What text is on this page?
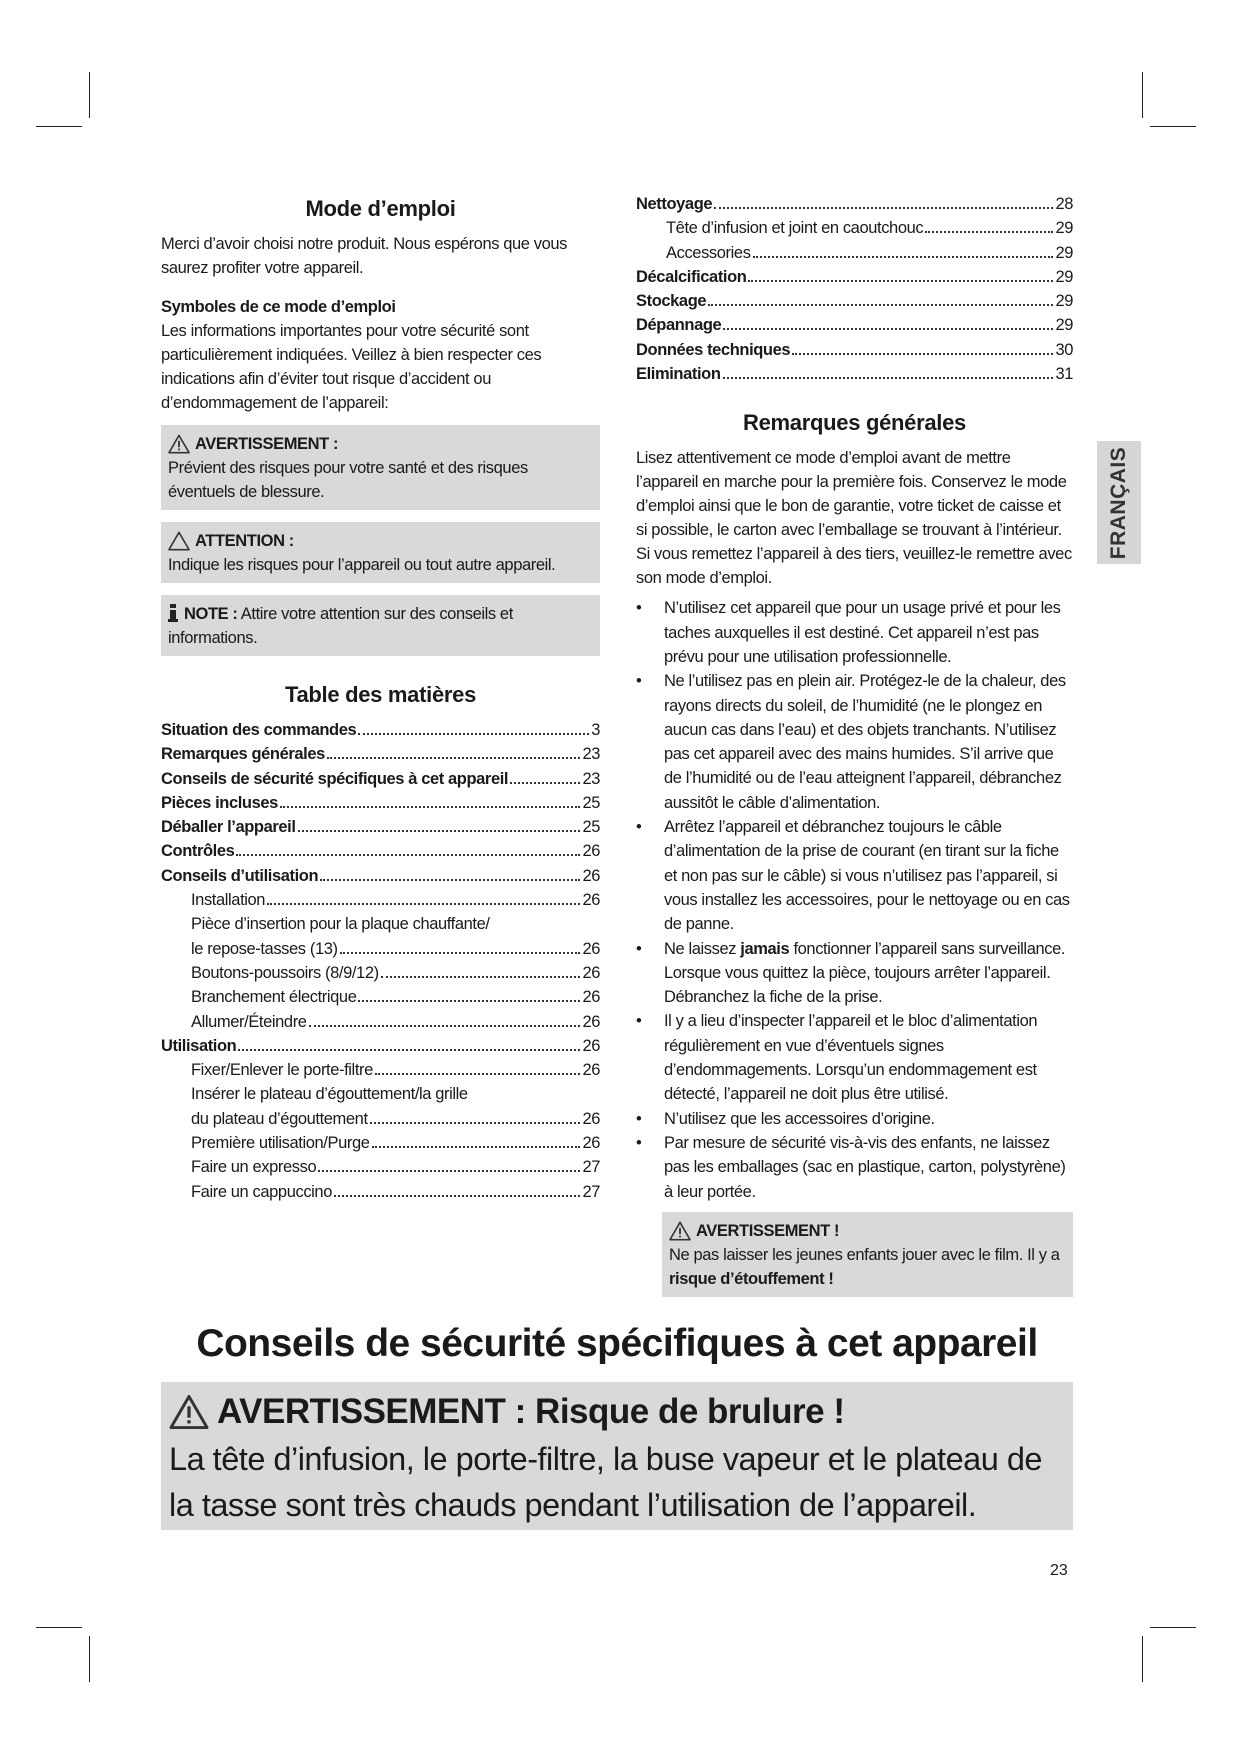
Mode d’emploi

Merci d’avoir choisi notre produit. Nous espérons que vous saurez profiter votre appareil.

Symboles de ce mode d’emploi

Les informations importantes pour votre sécurité sont particulièrement indiquées. Veillez à bien respecter ces indications afin d’éviter tout risque d’accident ou d’endommagement de l’appareil:

AVERTISSEMENT :
Prévient des risques pour votre santé et des risques éventuels de blessure.
ATTENTION :
Indique les risques pour l’appareil ou tout autre appareil.
NOTE : Attire votre attention sur des conseils et informations.
Table des matières
Situation des commandes	3
Remarques générales	23
Conseils de sécurité spécifiques à cet appareil	23
Pièces incluses	25
Déballer l’appareil	25
Contrôles	26
Conseils d’utilisation	26
Installation	26
Pièce d’insertion pour la plaque chauffante/
le repose-tasses (13)	26
Boutons-poussoirs (8/9/12)	26
Branchement électrique	26
Allumer/Éteindre	26
Utilisation	26
Fixer/Enlever le porte-filtre	26
Insérer le plateau d’égouttement/la grille
du plateau d’égouttement	26
Première utilisation/Purge	26
Faire un expresso	27
Faire un cappuccino	27
Nettoyage	28
Tête d’infusion et joint en caoutchouc	29
Accessories	29
Décalcification	29
Stockage	29
Dépannage	29
Données techniques	30
Elimination	31
Remarques générales

Lisez attentivement ce mode d’emploi avant de mettre l’appareil en marche pour la première fois. Conservez le mode d’emploi ainsi que le bon de garantie, votre ticket de caisse et si possible, le carton avec l’emballage se trouvant à l’intérieur. Si vous remettez l’appareil à des tiers, veuillez-le remettre avec son mode d’emploi.

• N’utilisez cet appareil que pour un usage privé et pour les taches auxquelles il est destiné. Cet appareil n’est pas prévu pour une utilisation professionnelle.
• Ne l’utilisez pas en plein air. Protégez-le de la chaleur, des rayons directs du soleil, de l’humidité (ne le plongez en aucun cas dans l’eau) et des objets tranchants. N’utilisez pas cet appareil avec des mains humides. S’il arrive que de l’humidité ou de l’eau atteignent l’appareil, débranchez aussitôt le câble d’alimentation.
• Arrêtez l’appareil et débranchez toujours le câble d’alimentation de la prise de courant (en tirant sur la fiche et non pas sur le câble) si vous n’utilisez pas l’appareil, si vous installez les accessoires, pour le nettoyage ou en cas de panne.
• Ne laissez jamais fonctionner l’appareil sans surveillance. Lorsque vous quittez la pièce, toujours arrêter l’appareil. Débranchez la fiche de la prise.
• Il y a lieu d’inspecter l’appareil et le bloc d’alimentation régulièrement en vue d’éventuels signes d’endommagements. Lorsqu’un endommagement est détecté, l’appareil ne doit plus être utilisé.
• N’utilisez que les accessoires d’origine.
• Par mesure de sécurité vis-à-vis des enfants, ne laissez pas les emballages (sac en plastique, carton, polystyrène) à leur portée.
AVERTISSEMENT !
Ne pas laisser les jeunes enfants jouer avec le film. Il y a risque d’étouffement !
FRANÇAIS
Conseils de sécurité spécifiques à cet appareil
AVERTISSEMENT : Risque de brulure !
La tête d’infusion, le porte-filtre, la buse vapeur et le plateau de la tasse sont très chauds pendant l’utilisation de l’appareil.
23
